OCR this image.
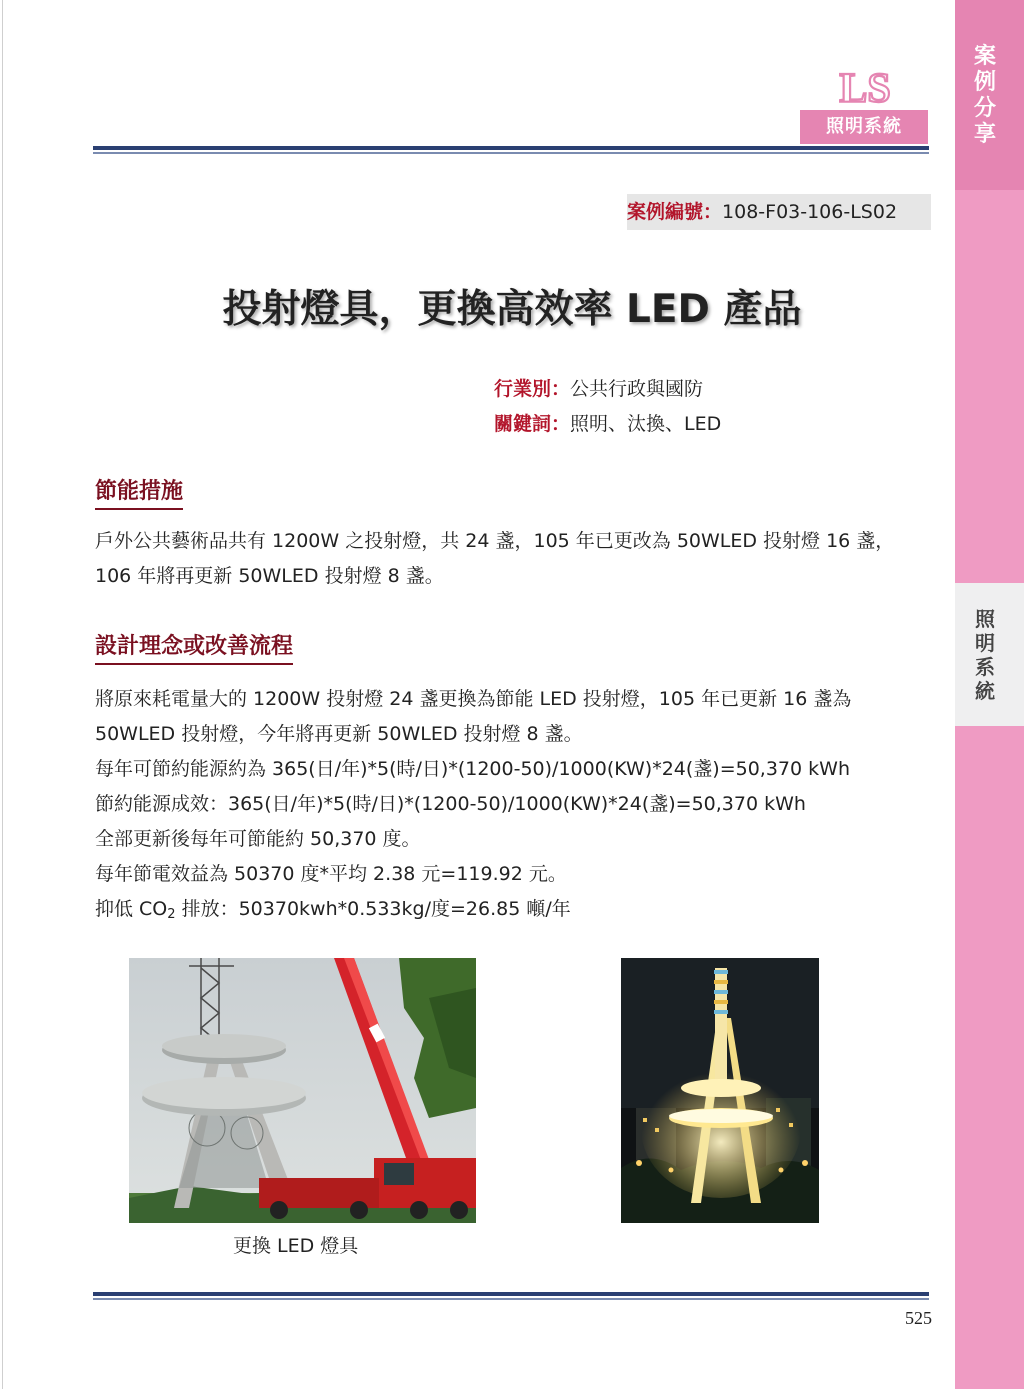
案
例
分
享
照
明
系
統
LS
照明系統
案例編號：108-F03-106-LS02
投射燈具，更換高效率 LED 產品
行業別：公共行政與國防
關鍵詞：照明、汰換、LED
節能措施

戶外公共藝術品共有 1200W 之投射燈，共 24 盞，105 年已更改為 50WLED 投射燈 16 盞，106 年將再更新 50WLED 投射燈 8 盞。

設計理念或改善流程

將原來耗電量大的 1200W 投射燈 24 盞更換為節能 LED 投射燈，105 年已更新 16 盞為 50WLED 投射燈，今年將再更新 50WLED 投射燈 8 盞。

每年可節約能源約為 365(日/年)*5(時/日)*(1200-50)/1000(KW)*24(盞)=50,370 kWh

節約能源成效：365(日/年)*5(時/日)*(1200-50)/1000(KW)*24(盞)=50,370 kWh

全部更新後每年可節能約 50,370 度。

每年節電效益為 50370 度*平均 2.38 元=119.92 元。

抑低 $CO_2$ 排放：50370kwh*0.533kg/度=26.85 噸/年

更換 LED 燈具
525
